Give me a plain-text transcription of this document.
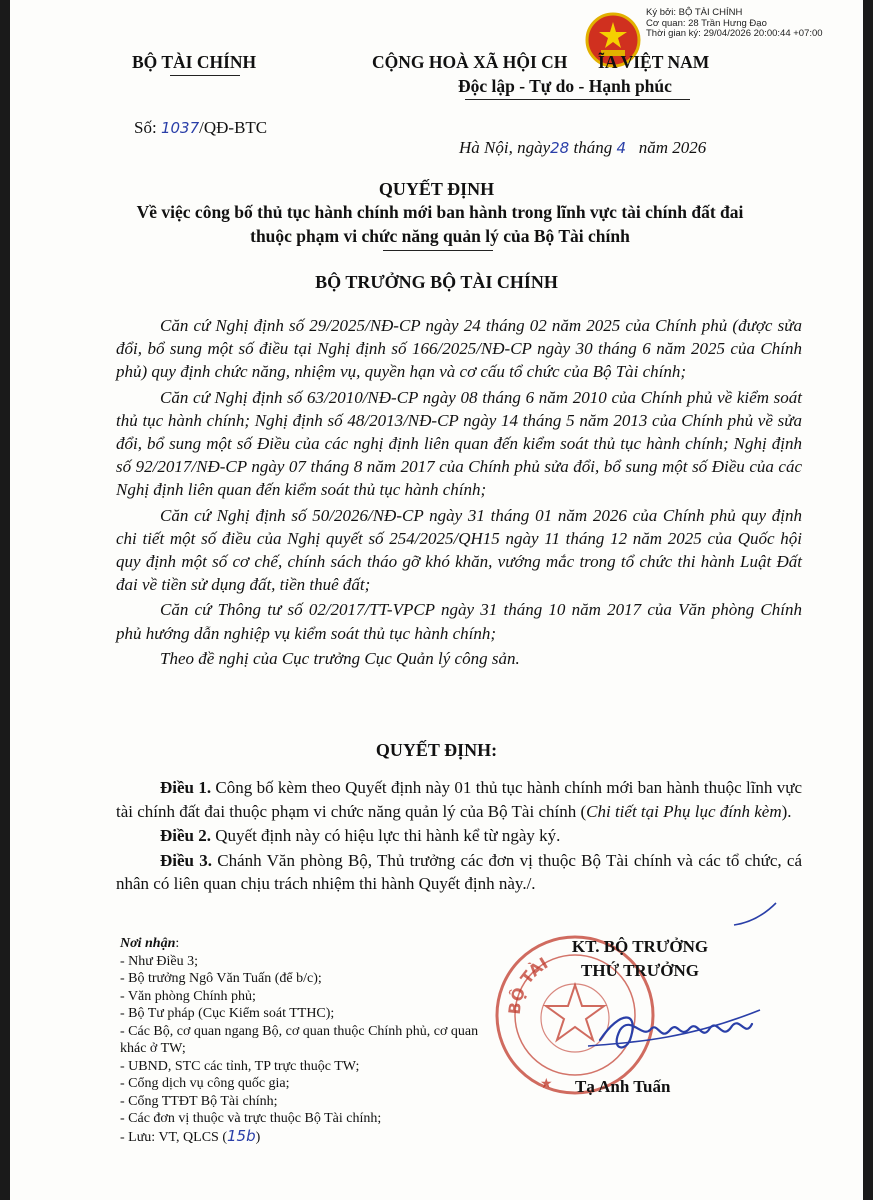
Ký bởi: BỘ TÀI CHÍNH
Cơ quan: 28 Trần Hưng Đạo
Thời gian ký: 29/04/2026 20:00:44 +07:00
BỘ TÀI CHÍNH	CỘNG HOÀ XÃ HỘI CH       ĨA VIỆT NAM
Độc lập - Tự do - Hạnh phúc
Số: 1037/QĐ-BTC

Hà Nội, ngày28 tháng 4   năm 2026

QUYẾT ĐỊNH
Về việc công bố thủ tục hành chính mới ban hành trong lĩnh vực tài chính đất đai thuộc phạm vi chức năng quản lý của Bộ Tài chính
BỘ TRƯỞNG BỘ TÀI CHÍNH

Căn cứ Nghị định số 29/2025/NĐ-CP ngày 24 tháng 02 năm 2025 của Chính phủ (được sửa đổi, bổ sung một số điều tại Nghị định số 166/2025/NĐ-CP ngày 30 tháng 6 năm 2025 của Chính phủ) quy định chức năng, nhiệm vụ, quyền hạn và cơ cấu tổ chức của Bộ Tài chính;

Căn cứ Nghị định số 63/2010/NĐ-CP ngày 08 tháng 6 năm 2010 của Chính phủ về kiểm soát thủ tục hành chính; Nghị định số 48/2013/NĐ-CP ngày 14 tháng 5 năm 2013 của Chính phủ về sửa đổi, bổ sung một số Điều của các nghị định liên quan đến kiểm soát thủ tục hành chính; Nghị định số 92/2017/NĐ-CP ngày 07 tháng 8 năm 2017 của Chính phủ sửa đổi, bổ sung một số Điều của các Nghị định liên quan đến kiểm soát thủ tục hành chính;

Căn cứ Nghị định số 50/2026/NĐ-CP ngày 31 tháng 01 năm 2026 của Chính phủ quy định chi tiết một số điều của Nghị quyết số 254/2025/QH15 ngày 11 tháng 12 năm 2025 của Quốc hội quy định một số cơ chế, chính sách tháo gỡ khó khăn, vướng mắc trong tổ chức thi hành Luật Đất đai về tiền sử dụng đất, tiền thuê đất;

Căn cứ Thông tư số 02/2017/TT-VPCP ngày 31 tháng 10 năm 2017 của Văn phòng Chính phủ hướng dẫn nghiệp vụ kiểm soát thủ tục hành chính;

Theo đề nghị của Cục trưởng Cục Quản lý công sản.

QUYẾT ĐỊNH:

Điều 1. Công bố kèm theo Quyết định này 01 thủ tục hành chính mới ban hành thuộc lĩnh vực tài chính đất đai thuộc phạm vi chức năng quản lý của Bộ Tài chính (Chi tiết tại Phụ lục đính kèm).

Điều 2. Quyết định này có hiệu lực thi hành kể từ ngày ký.

Điều 3. Chánh Văn phòng Bộ, Thủ trưởng các đơn vị thuộc Bộ Tài chính và các tổ chức, cá nhân có liên quan chịu trách nhiệm thi hành Quyết định này./.

Nơi nhận:
- Như Điều 3;
- Bộ trưởng Ngô Văn Tuấn (để b/c);
- Văn phòng Chính phủ;
- Bộ Tư pháp (Cục Kiểm soát TTHC);
- Các Bộ, cơ quan ngang Bộ, cơ quan thuộc Chính phủ, cơ quan khác ở TW;
- UBND, STC các tỉnh, TP trực thuộc TW;
- Cổng dịch vụ công quốc gia;
- Cổng TTĐT Bộ Tài chính;
- Các đơn vị thuộc và trực thuộc Bộ Tài chính;
- Lưu: VT, QLCS (15b)
BỘ TÀI
★
KT. BỘ TRƯỞNG
THỨ TRƯỞNG
Tạ Anh Tuấn
